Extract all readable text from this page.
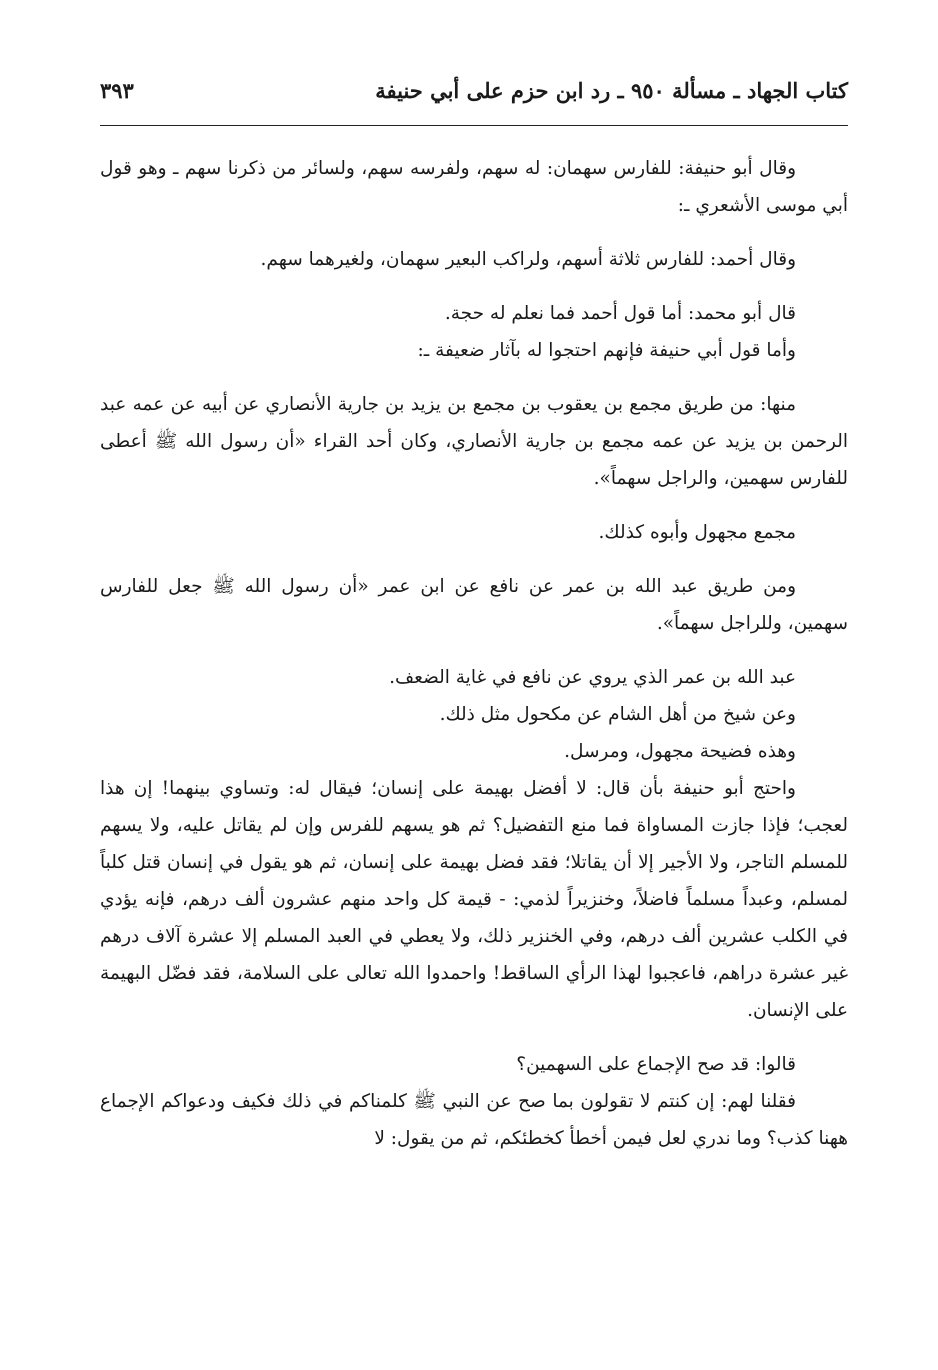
كتاب الجهاد ـ مسألة ٩٥٠ ـ رد ابن حزم على أبي حنيفة
٣٩٣

وقال أبو حنيفة: للفارس سهمان: له سهم، ولفرسه سهم، ولسائر من ذكرنا سهم ـ وهو قول أبي موسى الأشعري ـ:

وقال أحمد: للفارس ثلاثة أسهم، ولراكب البعير سهمان، ولغيرهما سهم.

قال أبو محمد: أما قول أحمد فما نعلم له حجة.

وأما قول أبي حنيفة فإنهم احتجوا له بآثار ضعيفة ـ:

منها: من طريق مجمع بن يعقوب بن مجمع بن يزيد بن جارية الأنصاري عن أبيه عن عمه عبد الرحمن بن يزيد عن عمه مجمع بن جارية الأنصاري، وكان أحد القراء «أن رسول الله ﷺ أعطى للفارس سهمين، والراجل سهماً».

مجمع مجهول وأبوه كذلك.

ومن طريق عبد الله بن عمر عن نافع عن ابن عمر «أن رسول الله ﷺ جعل للفارس سهمين، وللراجل سهماً».

عبد الله بن عمر الذي يروي عن نافع في غاية الضعف.

وعن شيخ من أهل الشام عن مكحول مثل ذلك.

وهذه فضيحة مجهول، ومرسل.

واحتج أبو حنيفة بأن قال: لا أفضل بهيمة على إنسان؛ فيقال له: وتساوي بينهما! إن هذا لعجب؛ فإذا جازت المساواة فما منع التفضيل؟ ثم هو يسهم للفرس وإن لم يقاتل عليه، ولا يسهم للمسلم التاجر، ولا الأجير إلا أن يقاتلا؛ فقد فضل بهيمة على إنسان، ثم هو يقول في إنسان قتل كلباً لمسلم، وعبداً مسلماً فاضلاً، وخنزيراً لذمي: - قيمة كل واحد منهم عشرون ألف درهم، فإنه يؤدي في الكلب عشرين ألف درهم، وفي الخنزير ذلك، ولا يعطي في العبد المسلم إلا عشرة آلاف درهم غير عشرة دراهم، فاعجبوا لهذا الرأي الساقط! واحمدوا الله تعالى على السلامة، فقد فضّل البهيمة على الإنسان.

قالوا: قد صح الإجماع على السهمين؟

فقلنا لهم: إن كنتم لا تقولون بما صح عن النبي ﷺ كلمناكم في ذلك فكيف ودعواكم الإجماع ههنا كذب؟ وما ندري لعل فيمن أخطأ كخطئكم، ثم من يقول: لا
